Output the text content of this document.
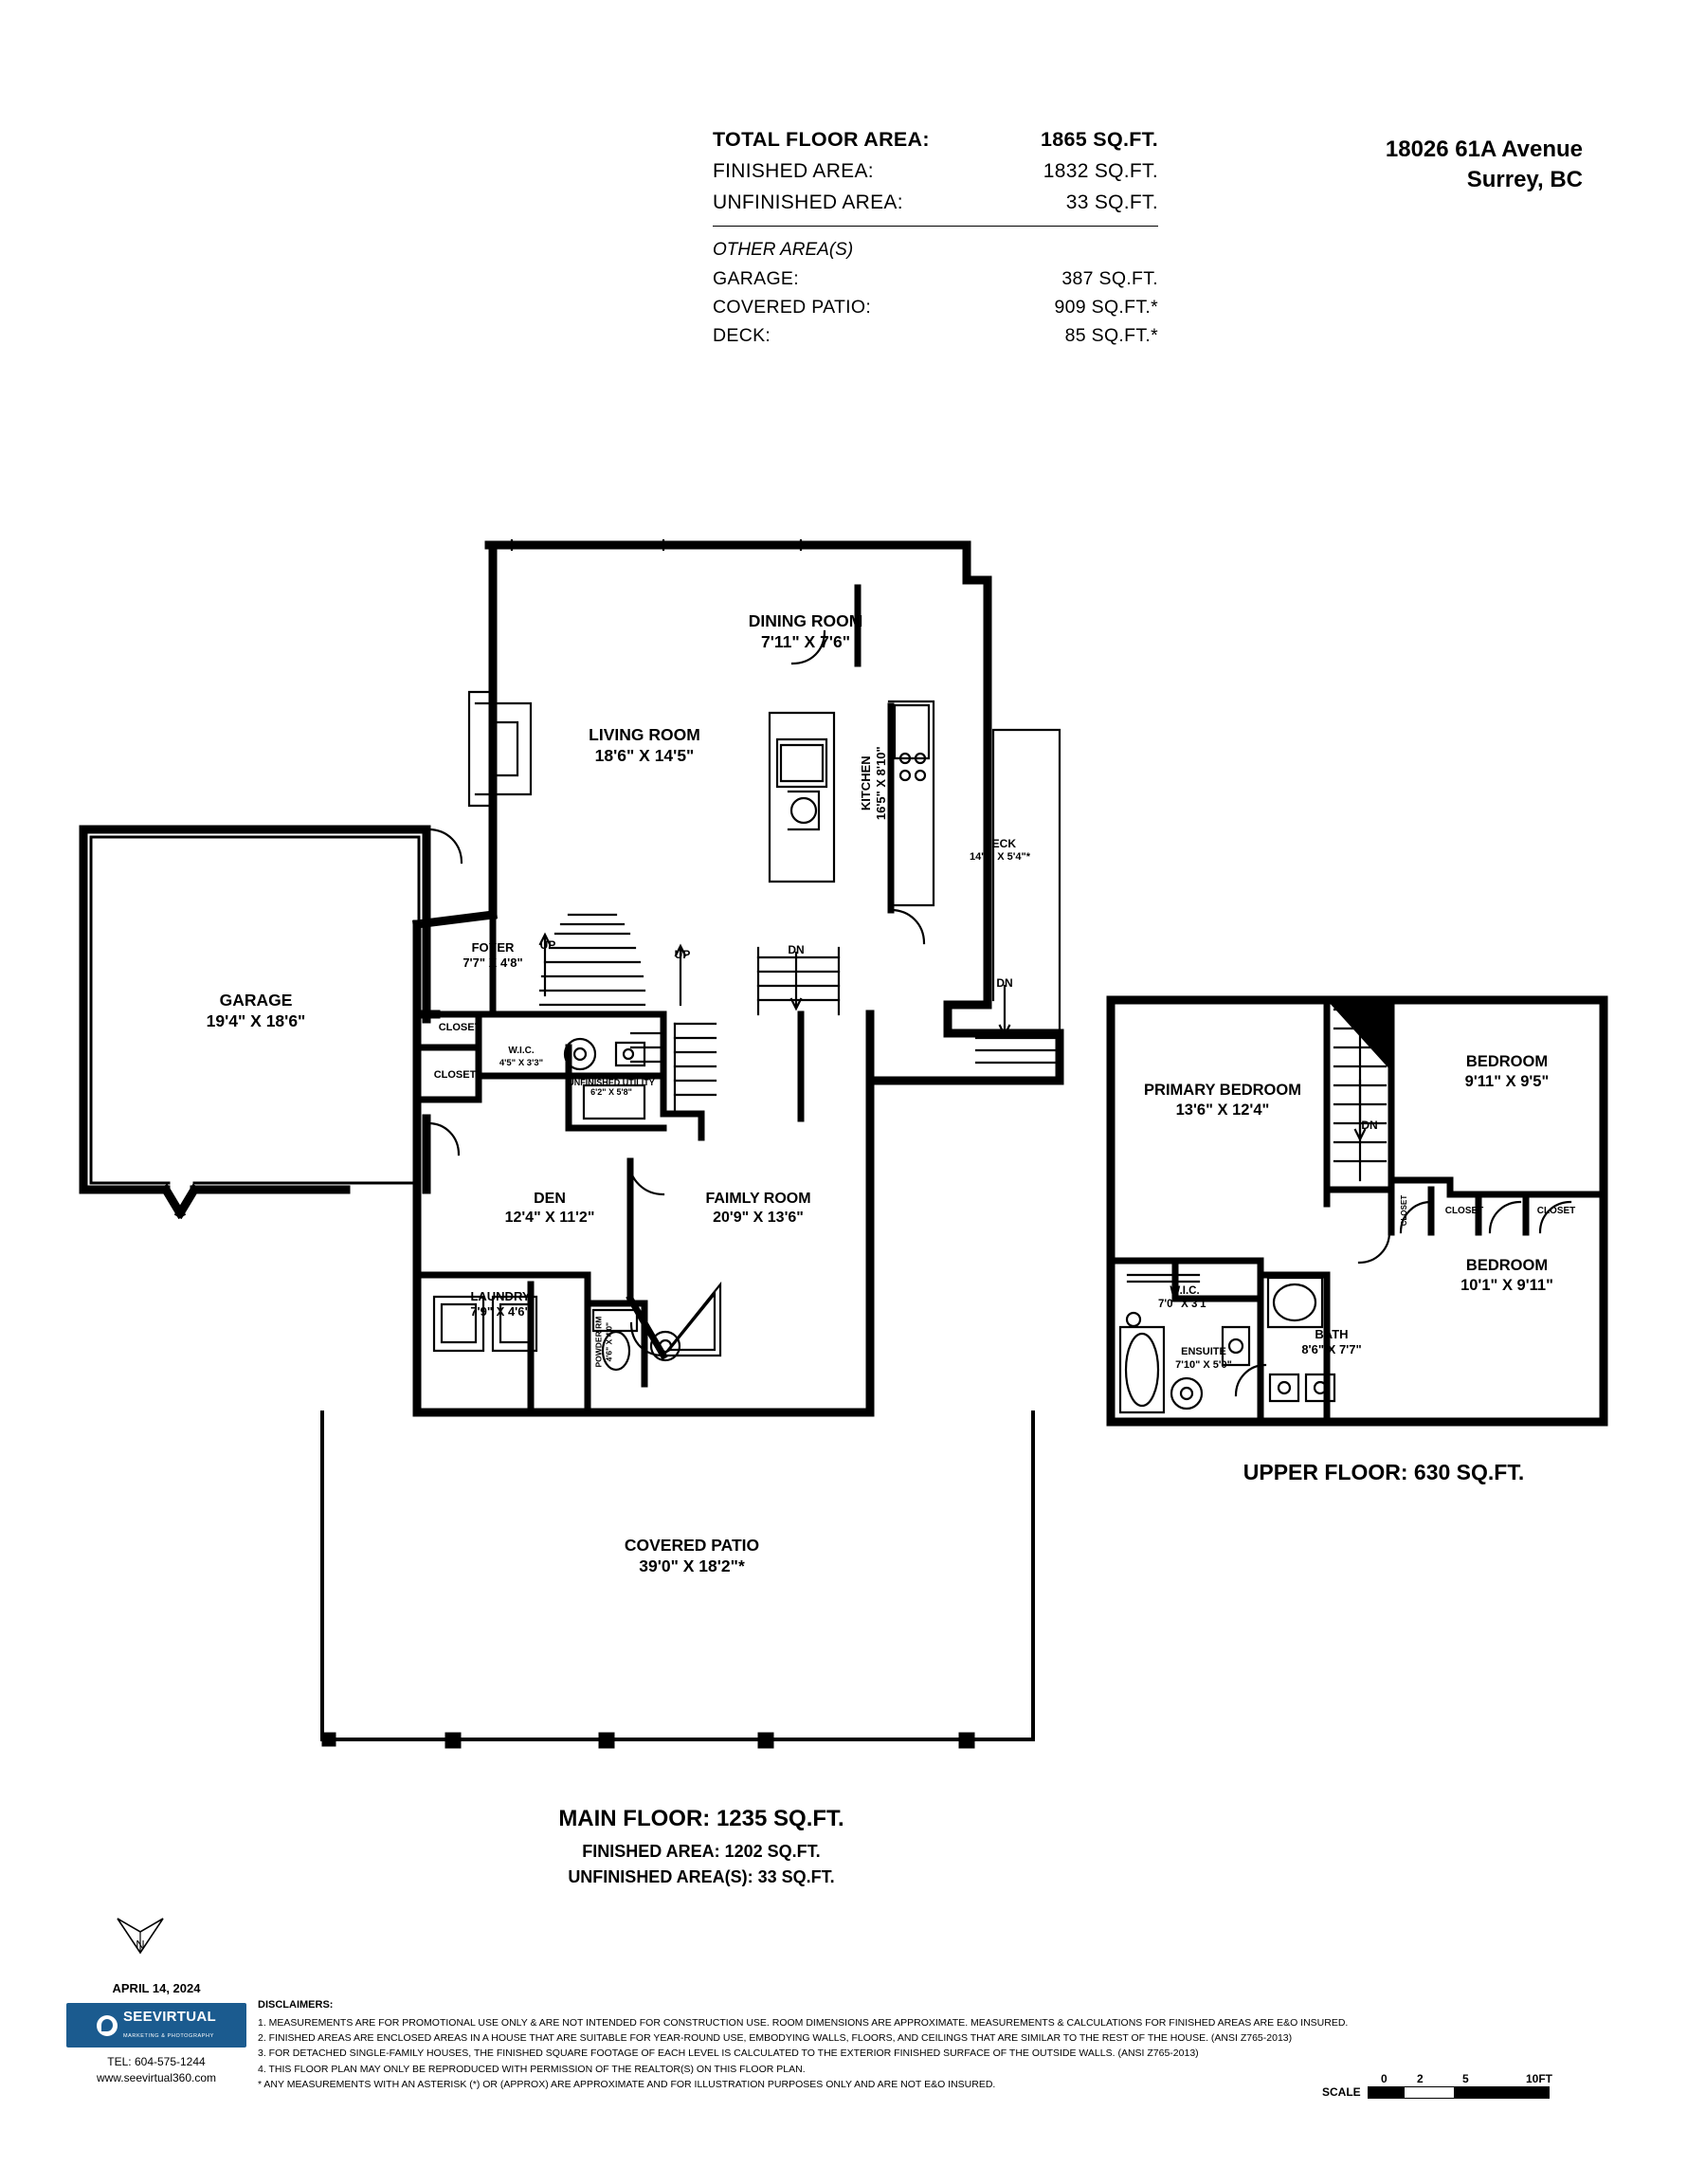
TOTAL FLOOR AREA:	1865 SQ.FT.
FINISHED AREA:	1832 SQ.FT.
UNFINISHED AREA:	33 SQ.FT.
OTHER AREA(S)
GARAGE:	387 SQ.FT.
COVERED PATIO:	909 SQ.FT.*
DECK:	85 SQ.FT.*
18026 61A Avenue
Surrey, BC
DINING ROOM
7'11" X 7'6"
LIVING ROOM
18'6" X 14'5"
KITCHEN 16'5" X 8'10"
DECK
14'5" X 5'4"*
FOYER
7'7" X 4'8"
GARAGE
19'4" X 18'6"
DEN
12'4" X 11'2"
FAIMLY ROOM
20'9" X 13'6"
LAUNDRY
7'9" X 4'6"
W.I.C.
4'5" X 3'3"
UNFINISHED UTILITY
6'2" X 5'8"
POWDER RM 4'6" X 4'0"
COVERED PATIO
39'0" X 18'2"*
CLOSET
CLOSET
UP
UP	DN
DN
PRIMARY BEDROOM
13'6" X 12'4"
BEDROOM
9'11" X 9'5"
BEDROOM
10'1" X 9'11"
BATH
8'6" X 7'7"
ENSUITE
7'10" X 5'0"
W.I.C.
7'0" X 3'1"
CLOSET	CLOSET	CLOSET
DN
MAIN FLOOR: 1235 SQ.FT.
FINISHED AREA: 1202 SQ.FT.
UNFINISHED AREA(S): 33 SQ.FT.
UPPER FLOOR: 630 SQ.FT.
N
APRIL 14, 2024
SEEVIRTUAL
MARKETING & PHOTOGRAPHY
TEL: 604-575-1244
www.seevirtual360.com
DISCLAIMERS:

1. MEASUREMENTS ARE FOR PROMOTIONAL USE ONLY & ARE NOT INTENDED FOR CONSTRUCTION USE. ROOM DIMENSIONS ARE APPROXIMATE. MEASUREMENTS & CALCULATIONS FOR FINISHED AREAS ARE E&O INSURED.

2. FINISHED AREAS ARE ENCLOSED AREAS IN A HOUSE THAT ARE SUITABLE FOR YEAR-ROUND USE, EMBODYING WALLS, FLOORS, AND CEILINGS THAT ARE SIMILAR TO THE REST OF THE HOUSE. (ANSI Z765-2013)

3. FOR DETACHED SINGLE-FAMILY HOUSES, THE FINISHED SQUARE FOOTAGE OF EACH LEVEL IS CALCULATED TO THE EXTERIOR FINISHED SURFACE OF THE OUTSIDE WALLS. (ANSI Z765-2013)

4. THIS FLOOR PLAN MAY ONLY BE REPRODUCED WITH PERMISSION OF THE REALTOR(S) ON THIS FLOOR PLAN.

* ANY MEASUREMENTS WITH AN ASTERISK (*) OR (APPROX) ARE APPROXIMATE AND FOR ILLUSTRATION PURPOSES ONLY AND ARE NOT E&O INSURED.	0	2	5	10FT
SCALE
